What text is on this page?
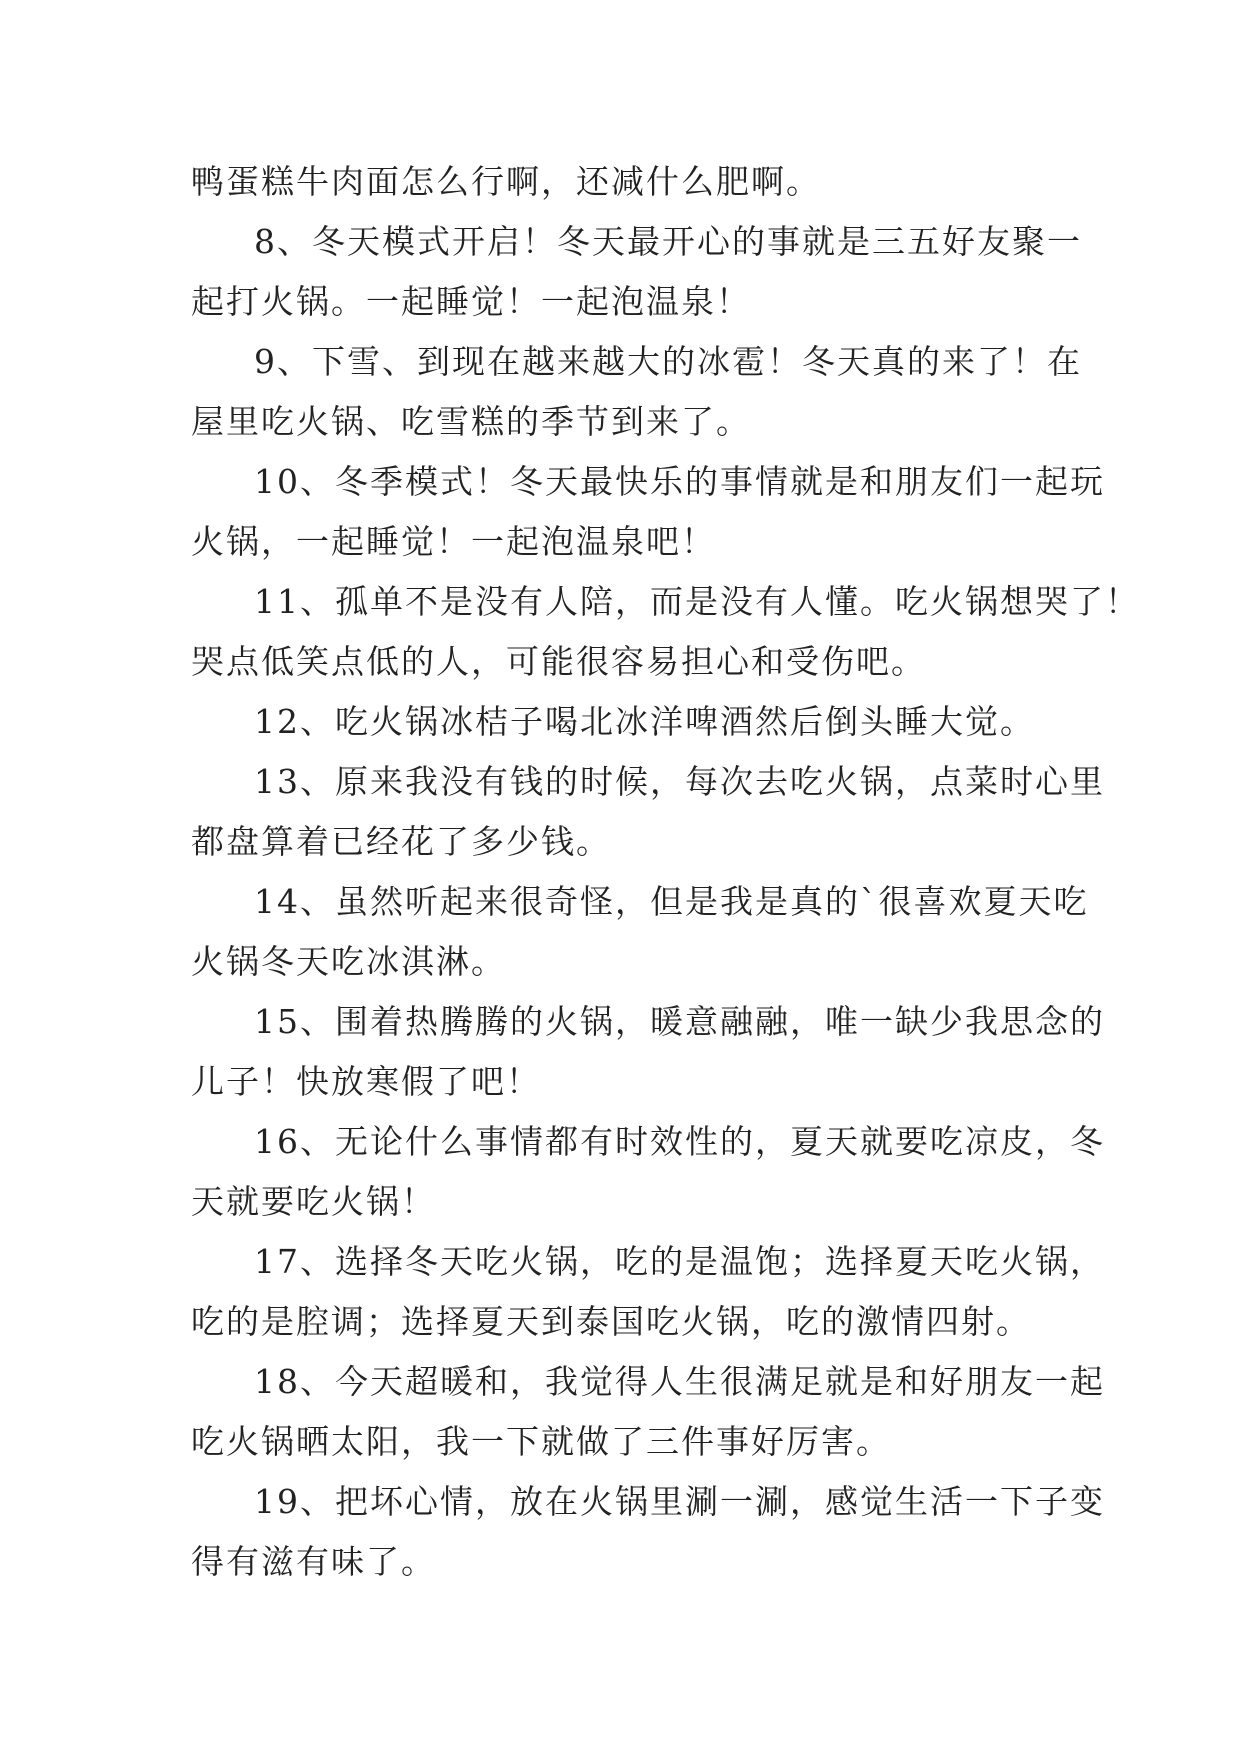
鸭蛋糕牛肉面怎么行啊，还减什么肥啊。
8、冬天模式开启！冬天最开心的事就是三五好友聚一
起打火锅。一起睡觉！一起泡温泉！
9、下雪、到现在越来越大的冰雹！冬天真的来了！在
屋里吃火锅、吃雪糕的季节到来了。
10、冬季模式！冬天最快乐的事情就是和朋友们一起玩
火锅，一起睡觉！一起泡温泉吧！
11、孤单不是没有人陪，而是没有人懂。吃火锅想哭了！
哭点低笑点低的人，可能很容易担心和受伤吧。
12、吃火锅冰桔子喝北冰洋啤酒然后倒头睡大觉。
13、原来我没有钱的时候，每次去吃火锅，点菜时心里
都盘算着已经花了多少钱。
14、虽然听起来很奇怪，但是我是真的`很喜欢夏天吃
火锅冬天吃冰淇淋。
15、围着热腾腾的火锅，暖意融融，唯一缺少我思念的
儿子！快放寒假了吧！
16、无论什么事情都有时效性的，夏天就要吃凉皮，冬
天就要吃火锅！
17、选择冬天吃火锅，吃的是温饱；选择夏天吃火锅，
吃的是腔调；选择夏天到泰国吃火锅，吃的激情四射。
18、今天超暖和，我觉得人生很满足就是和好朋友一起
吃火锅晒太阳，我一下就做了三件事好厉害。
19、把坏心情，放在火锅里涮一涮，感觉生活一下子变
得有滋有味了。
